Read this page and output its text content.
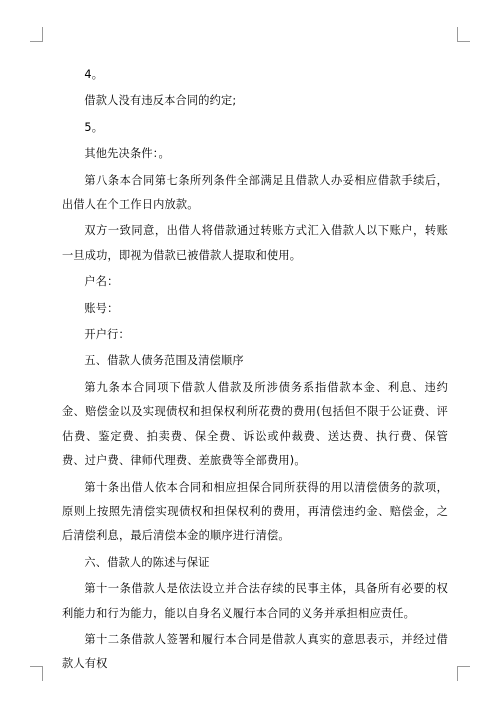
4。

借款人没有违反本合同的约定;

5。

其他先决条件：。

第八条本合同第七条所列条件全部满足且借款人办妥相应借款手续后，出借人在个工作日内放款。

双方一致同意，出借人将借款通过转账方式汇入借款人以下账户，转账一旦成功，即视为借款已被借款人提取和使用。

户名：

账号：

开户行：

五、借款人债务范围及清偿顺序

第九条本合同项下借款人借款及所涉债务系指借款本金、利息、违约金、赔偿金以及实现债权和担保权利所花费的费用(包括但不限于公证费、评估费、鉴定费、拍卖费、保全费、诉讼或仲裁费、送达费、执行费、保管费、过户费、律师代理费、差旅费等全部费用)。

第十条出借人依本合同和相应担保合同所获得的用以清偿债务的款项，原则上按照先清偿实现债权和担保权利的费用，再清偿违约金、赔偿金，之后清偿利息，最后清偿本金的顺序进行清偿。

六、借款人的陈述与保证

第十一条借款人是依法设立并合法存续的民事主体，具备所有必要的权利能力和行为能力，能以自身名义履行本合同的义务并承担相应责任。

第十二条借款人签署和履行本合同是借款人真实的意思表示，并经过借款人有权
